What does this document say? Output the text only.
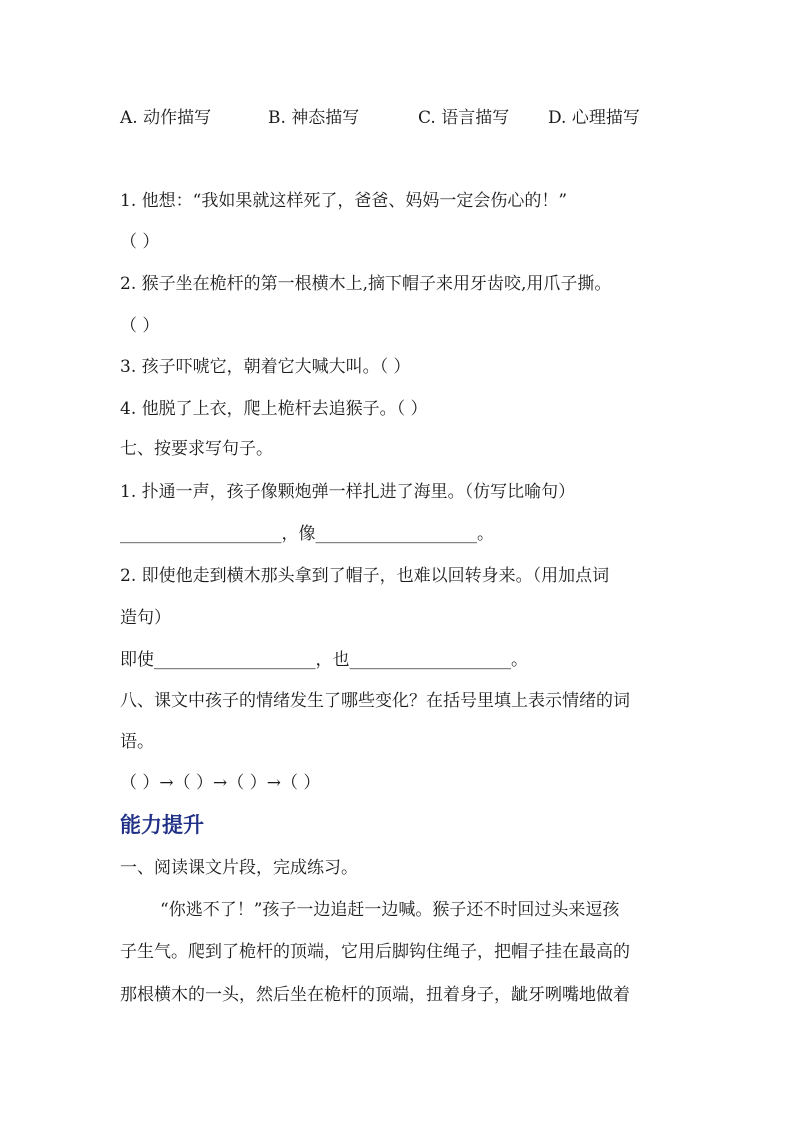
A. 动作描写	B. 神态描写	C. 语言描写 D. 心理描写
1. 他想：“我如果就这样死了，爸爸、妈妈一定会伤心的！”
（ ）
2. 猴子坐在桅杆的第一根横木上,摘下帽子来用牙齿咬,用爪子撕。
（ ）
3. 孩子吓唬它，朝着它大喊大叫。（ ）
4. 他脱了上衣，爬上桅杆去追猴子。（ ）
七、按要求写句子。
1. 扑通一声，孩子像颗炮弹一样扎进了海里。（仿写比喻句）
___________________，像___________________。
2. 即使他走到横木那头拿到了帽子，也难以回转身来。（用加点词
造句）
即使___________________，也___________________。
八、课文中孩子的情绪发生了哪些变化？在括号里填上表示情绪的词
语。
（ ）→（ ）→（ ）→（ ）
能力提升
一、阅读课文片段，完成练习。
“你逃不了！”孩子一边追赶一边喊。猴子还不时回过头来逗孩
子生气。爬到了桅杆的顶端，它用后脚钩住绳子，把帽子挂在最高的
那根横木的一头，然后坐在桅杆的顶端，扭着身子，龇牙咧嘴地做着
